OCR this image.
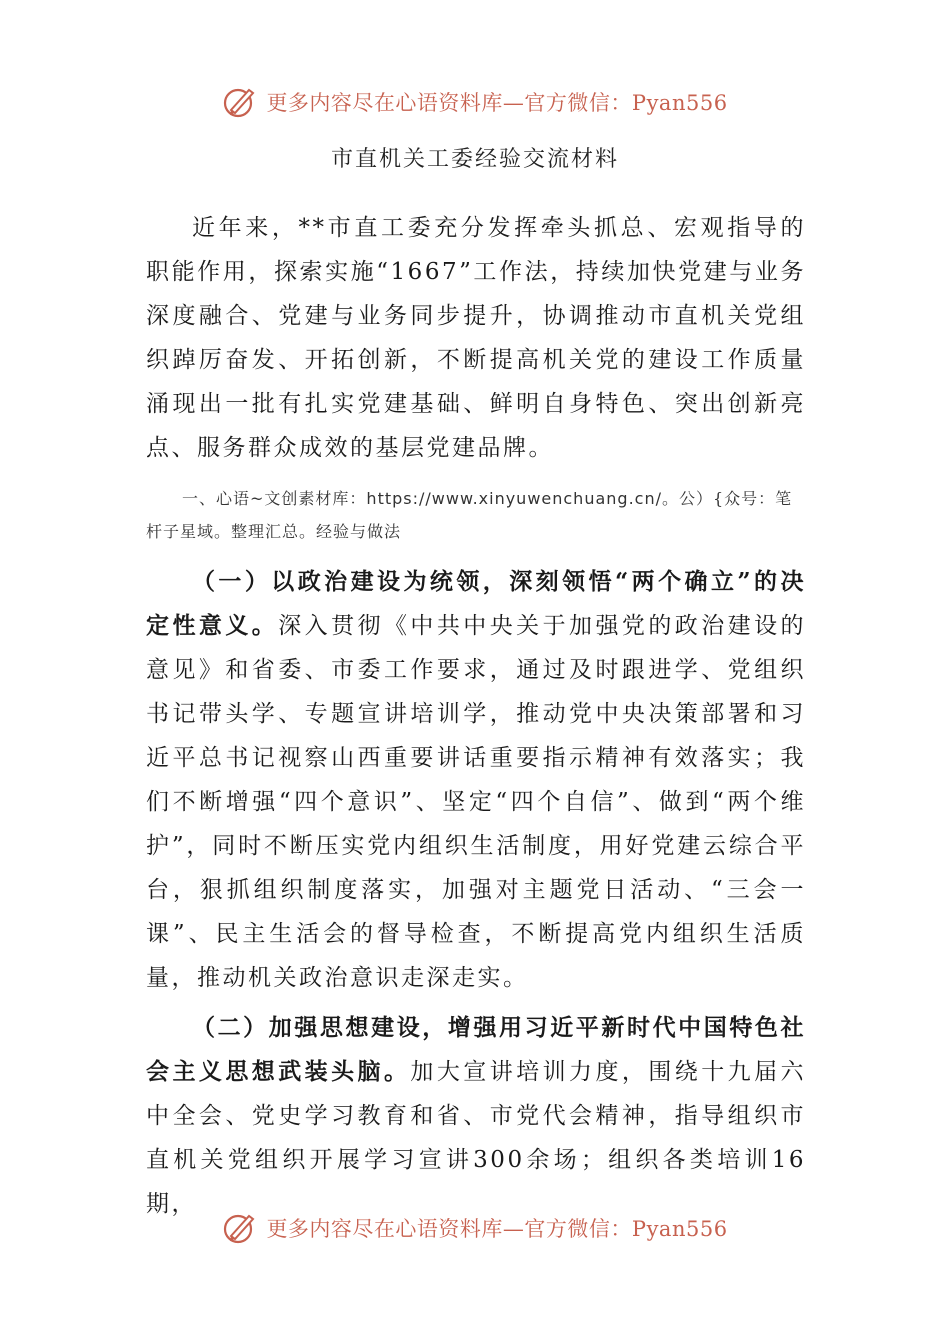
更多内容尽在心语资料库—官方微信：Pyan556
市直机关工委经验交流材料

近年来，**市直工委充分发挥牵头抓总、宏观指导的职能作用，探索实施“1667”工作法，持续加快党建与业务深度融合、党建与业务同步提升，协调推动市直机关党组织踔厉奋发、开拓创新，不断提高机关党的建设工作质量涌现出一批有扎实党建基础、鲜明自身特色、突出创新亮点、服务群众成效的基层党建品牌。

一、心语~文创素材库：https://www.xinyuwenchuang.cn/。公）{众号：笔杆子星域。整理汇总。经验与做法

（一）以政治建设为统领，深刻领悟“两个确立”的决定性意义。深入贯彻《中共中央关于加强党的政治建设的意见》和省委、市委工作要求，通过及时跟进学、党组织书记带头学、专题宣讲培训学，推动党中央决策部署和习近平总书记视察山西重要讲话重要指示精神有效落实；我们不断增强“四个意识”、坚定“四个自信”、做到“两个维护”，同时不断压实党内组织生活制度，用好党建云综合平台，狠抓组织制度落实，加强对主题党日活动、“三会一课”、民主生活会的督导检查，不断提高党内组织生活质量，推动机关政治意识走深走实。

（二）加强思想建设，增强用习近平新时代中国特色社会主义思想武装头脑。加大宣讲培训力度，围绕十九届六中全会、党史学习教育和省、市党代会精神，指导组织市直机关党组织开展学习宣讲300余场；组织各类培训16期，

更多内容尽在心语资料库—官方微信：Pyan556
